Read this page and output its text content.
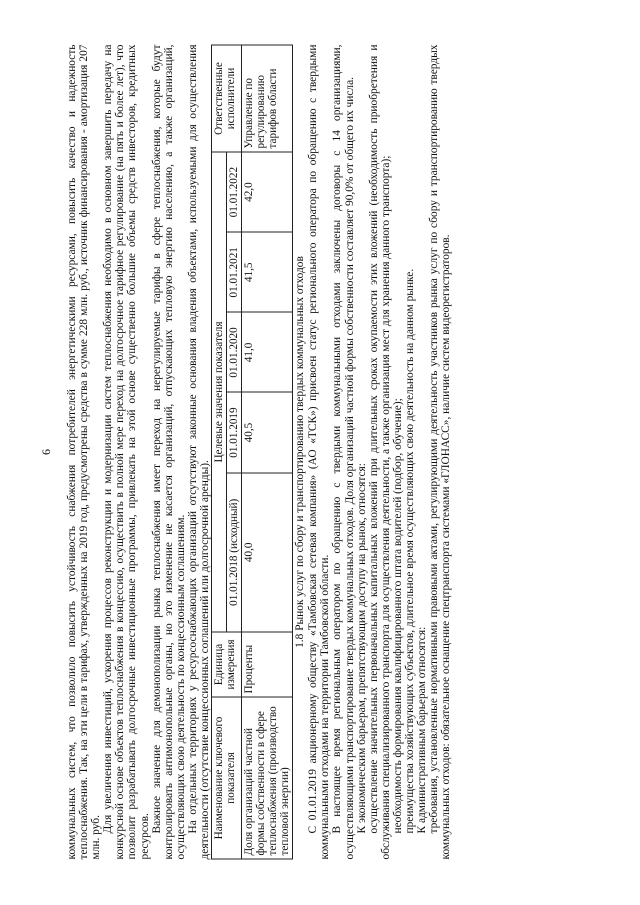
6 коммунальных систем, что позволило повысить устойчивость снабжения потребителей энергетическими ресурсами, повысить качество и надежность теплоснабжения. Так, на эти цели в тарифах, утвержденных на 2019 год, предусмотрены средства в сумме 228 млн. руб., источник финансирования - амортизация 207 млн. руб.

Для увеличения инвестиций, ускорения процессов реконструкции и модернизации систем теплоснабжения необходимо в основном завершить передачу на конкурсной основе объектов теплоснабжения в концессию, осуществить в полной мере переход на долгосрочное тарифное регулирование (на пять и более лет), что позволит разрабатывать долгосрочные инвестиционные программы, привлекать на этой основе существенно большие объемы средств инвесторов, кредитных ресурсов.

Важное значение для демонополизации рынка теплоснабжения имеет переход на нерегулируемые тарифы в сфере теплоснабжения, которые будут контролировать антимонопольные органы, но это изменение не касается организаций, отпускающих тепловую энергию населению, а также организаций, осуществляющих свою деятельность по концессионным соглашениям. На отдельных территориях у ресурсоснабжающих организаций отсутствуют законные основания владения объектами, используемыми для осуществления деятельности (отсутствие концессионных соглашений или долгосрочной аренды). Наименование ключевого показателя	Единица измерения	Целевые значения показателя					Ответственные исполнители
		01.01.2018 (исходный)	01.01.2019	01.01.2020	01.01.2021	01.01.2022	
Доля организаций частной формы собственности в сфере теплоснабжения (производство тепловой энергии)	Проценты	40,0	40,5	41,0	41,5	42,0	Управление по регулированию тарифов области
1.8 Рынок услуг по сбору и транспортированию твердых коммунальных отходов С 01.01.2019 акционерному обществу «Тамбовская сетевая компания» (АО «ТСК») присвоен статус регионального оператора по обращению с твердыми коммунальными отходами на территории Тамбовской области. В настоящее время региональным оператором по обращению с твердыми коммунальными отходами заключены договоры с 14 организациями, осуществляющими транспортирование твердых коммунальных отходов. Доля организаций частной формы собственности составляет 90,0% от общего их числа. К экономическим барьерам, препятствующим доступу на рынок, относятся: осуществление значительных первоначальных капитальных вложений при длительных сроках окупаемости этих вложений (необходимость приобретения и обслуживания специализированного транспорта для осуществления деятельности, а также организация мест для хранения данного транспорта); необходимость формирования квалифицированного штата водителей (подбор, обучение); преимущества хозяйствующих субъектов, длительное время осуществляющих свою деятельность на данном рынке. К административным барьерам относятся: требования, установленные нормативными правовыми актами, регулирующими деятельность участников рынка услуг по сбору и транспортированию твердых коммунальных отходов: обязательное оснащение спецтранспорта системами «ГЛОНАСС», наличие систем видеорегистраторов.
